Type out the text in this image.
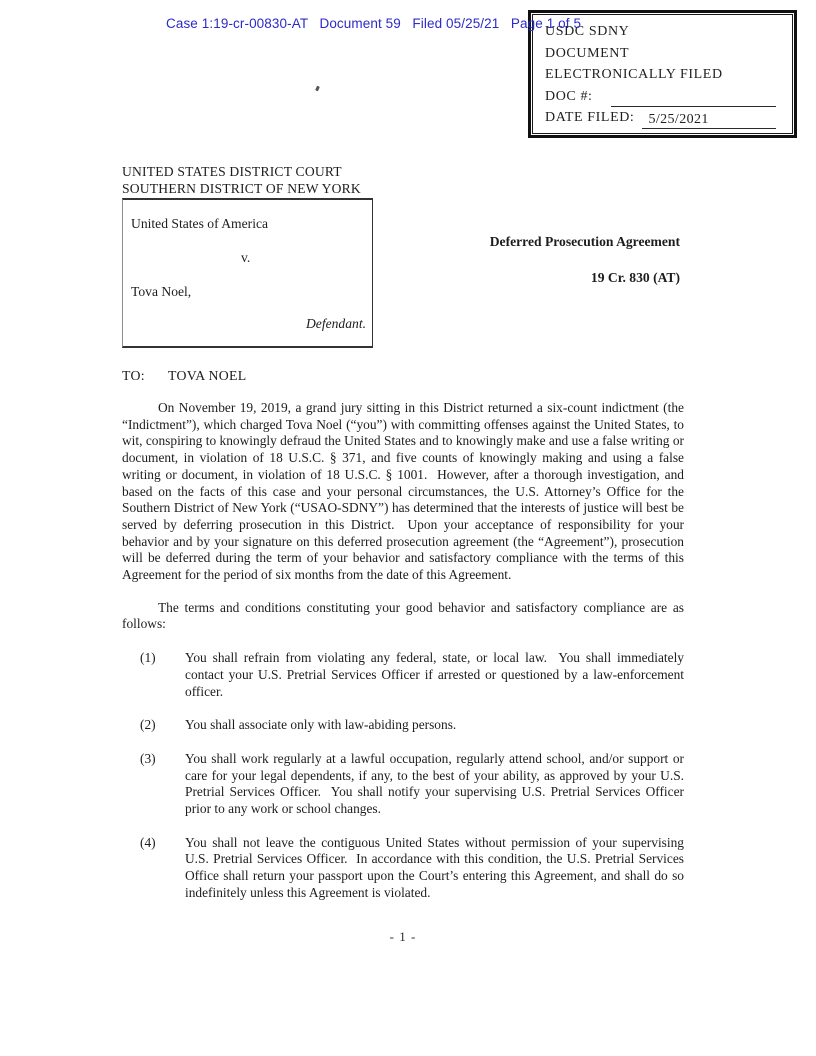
Case 1:19-cr-00830-AT   Document 59   Filed 05/25/21   Page 1 of 5
USDC SDNY
DOCUMENT
ELECTRONICALLY FILED
DOC #:
DATE FILED:	5/25/2021
UNITED STATES DISTRICT COURT
SOUTHERN DISTRICT OF NEW YORK
United States of America
v.
Tova Noel,
Defendant.
Deferred Prosecution Agreement
19 Cr. 830 (AT)
TO: TOVA NOEL

On November 19, 2019, a grand jury sitting in this District returned a six-count indictment (the “Indictment”), which charged Tova Noel (“you”) with committing offenses against the United States, to wit, conspiring to knowingly defraud the United States and to knowingly make and use a false writing or document, in violation of 18 U.S.C. § 371, and five counts of knowingly making and using a false writing or document, in violation of 18 U.S.C. § 1001.  However, after a thorough investigation, and based on the facts of this case and your personal circumstances, the U.S. Attorney’s Office for the Southern District of New York (“USAO-SDNY”) has determined that the interests of justice will best be served by deferring prosecution in this District.  Upon your acceptance of responsibility for your behavior and by your signature on this deferred prosecution agreement (the “Agreement”), prosecution will be deferred during the term of your behavior and satisfactory compliance with the terms of this Agreement for the period of six months from the date of this Agreement.

The terms and conditions constituting your good behavior and satisfactory compliance are as follows:

(1)	You shall refrain from violating any federal, state, or local law.  You shall immediately contact your U.S. Pretrial Services Officer if arrested or questioned by a law-enforcement officer.
(2)	You shall associate only with law-abiding persons.
(3)	You shall work regularly at a lawful occupation, regularly attend school, and/or support or care for your legal dependents, if any, to the best of your ability, as approved by your U.S. Pretrial Services Officer.  You shall notify your supervising U.S. Pretrial Services Officer prior to any work or school changes.
(4)	You shall not leave the contiguous United States without permission of your supervising U.S. Pretrial Services Officer.  In accordance with this condition, the U.S. Pretrial Services Office shall return your passport upon the Court’s entering this Agreement, and shall do so indefinitely unless this Agreement is violated.
- 1 -
